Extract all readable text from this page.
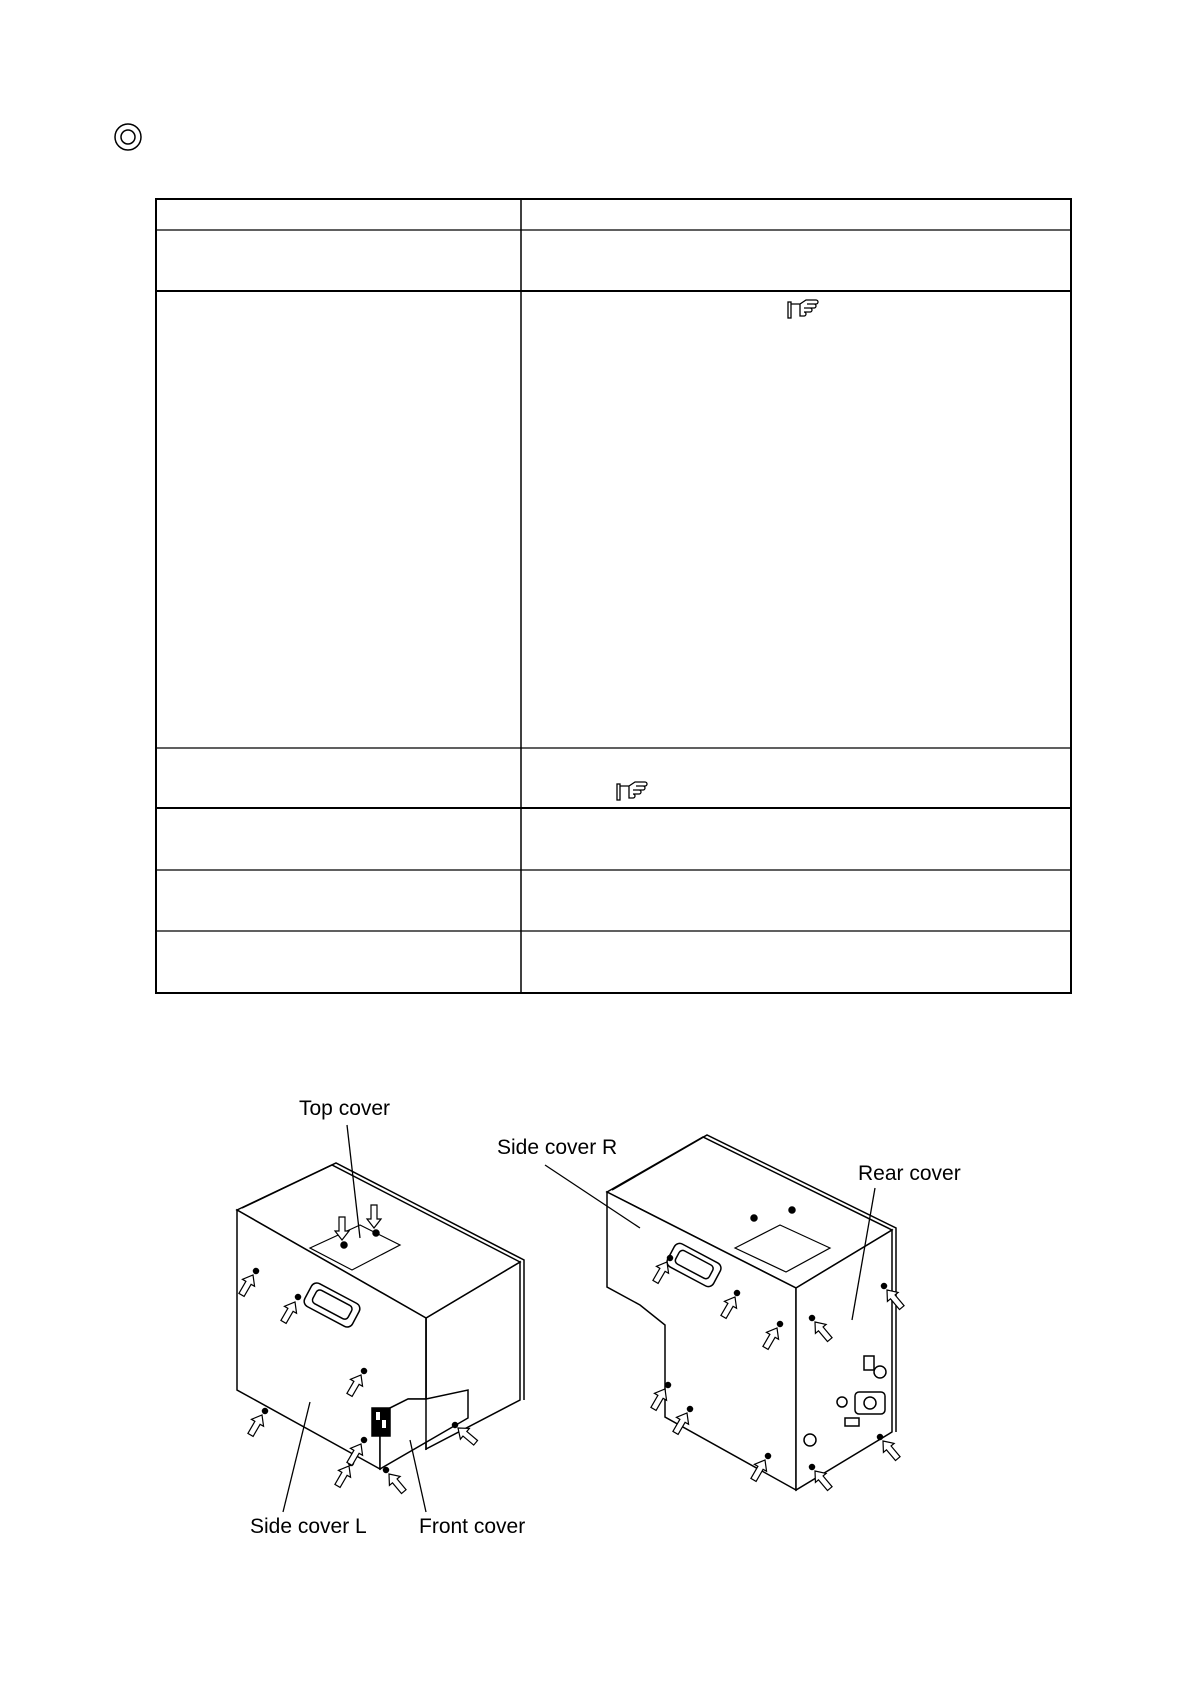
Top cover
Side cover R
Rear cover
Side cover L Front cover
